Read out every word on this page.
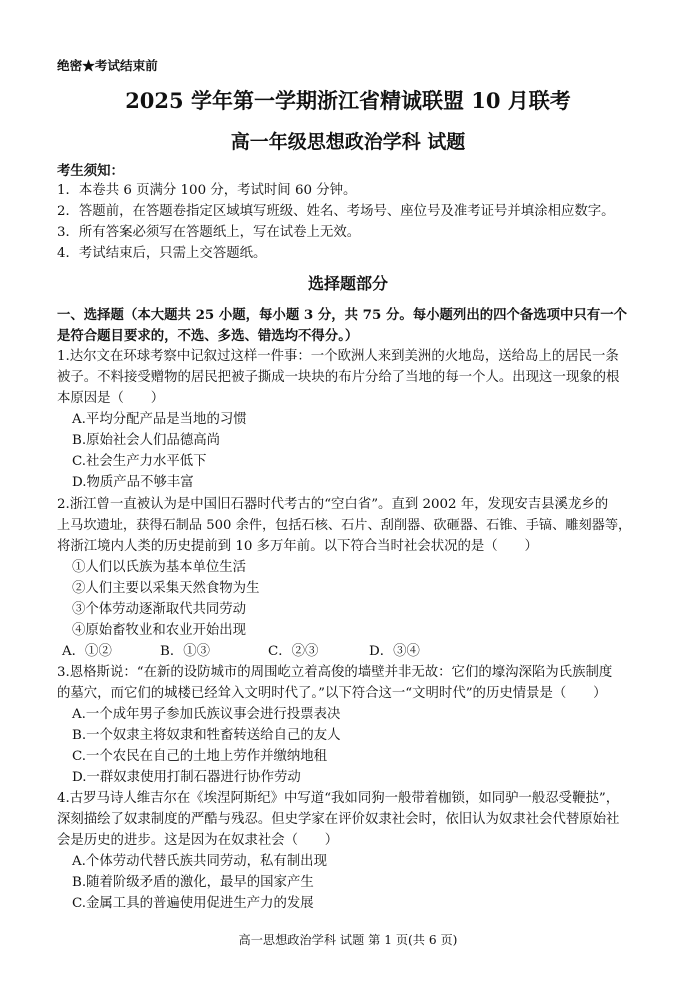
绝密★考试结束前
2025 学年第一学期浙江省精诚联盟 10 月联考
高一年级思想政治学科 试题
考生须知：
1．本卷共 6 页满分 100 分，考试时间 60 分钟。
2．答题前，在答题卷指定区域填写班级、姓名、考场号、座位号及准考证号并填涂相应数字。
3．所有答案必须写在答题纸上，写在试卷上无效。
4．考试结束后，只需上交答题纸。
选择题部分
一、选择题（本大题共 25 小题，每小题 3 分，共 75 分。每小题列出的四个备选项中只有一个
是符合题目要求的，不选、多选、错选均不得分。）
1.达尔文在环球考察中记叙过这样一件事：一个欧洲人来到美洲的火地岛，送给岛上的居民一条
被子。不料接受赠物的居民把被子撕成一块块的布片分给了当地的每一个人。出现这一现象的根
本原因是（　　）
A.平均分配产品是当地的习惯
B.原始社会人们品德高尚
C.社会生产力水平低下
D.物质产品不够丰富
2.浙江曾一直被认为是中国旧石器时代考古的“空白省”。直到 2002 年，发现安吉县溪龙乡的
上马坎遗址，获得石制品 500 余件，包括石核、石片、刮削器、砍砸器、石锥、手镐、雕刻器等，
将浙江境内人类的历史提前到 10 多万年前。以下符合当时社会状况的是（　　）
①人们以氏族为基本单位生活
②人们主要以采集天然食物为生
③个体劳动逐渐取代共同劳动
④原始畜牧业和农业开始出现
A．①②	B．①③	C．②③	D．③④
3.恩格斯说：“在新的设防城市的周围屹立着高俊的墙壁并非无故：它们的壕沟深陷为氏族制度
的墓穴，而它们的城楼已经耸入文明时代了。”以下符合这一“文明时代”的历史情景是（　　）
A.一个成年男子参加氏族议事会进行投票表决
B.一个奴隶主将奴隶和牲畜转送给自己的友人
C.一个农民在自己的土地上劳作并缴纳地租
D.一群奴隶使用打制石器进行协作劳动
4.古罗马诗人维吉尔在《埃涅阿斯纪》中写道“我如同狗一般带着枷锁，如同驴一般忍受鞭挞”，
深刻描绘了奴隶制度的严酷与残忍。但史学家在评价奴隶社会时，依旧认为奴隶社会代替原始社
会是历史的进步。这是因为在奴隶社会（　　）
A.个体劳动代替氏族共同劳动，私有制出现
B.随着阶级矛盾的激化，最早的国家产生
C.金属工具的普遍使用促进生产力的发展
高一思想政治学科 试题 第 1 页(共 6 页)
